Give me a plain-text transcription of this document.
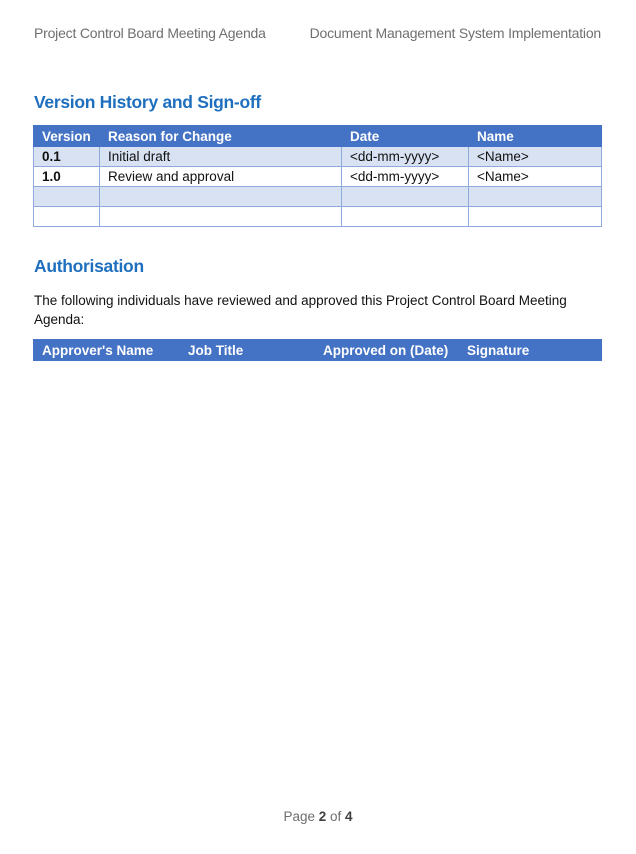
Project Control Board Meeting Agenda	Document Management System Implementation
Version History and Sign-off
Version	Reason for Change	Date	Name
0.1	Initial draft	<dd-mm-yyyy>	<Name>
1.0	Review and approval	<dd-mm-yyyy>	<Name>

Authorisation

The following individuals have reviewed and approved this Project Control Board Meeting Agenda:

Approver's Name	Job Title	Approved on (Date)	Signature
Page 2 of 4
